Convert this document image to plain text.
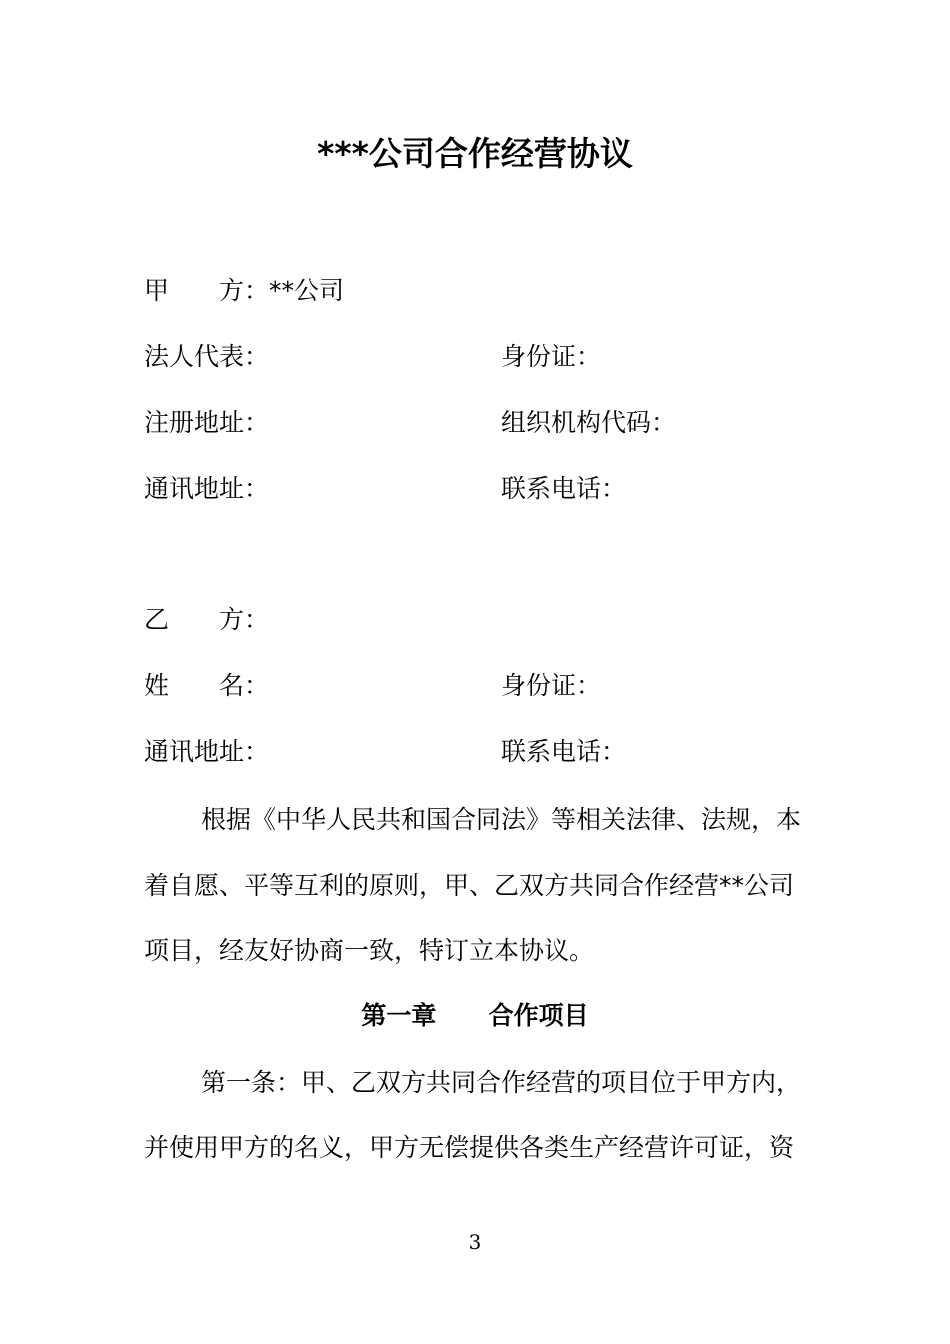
***公司合作经营协议
甲 方：**公司
法人代表：	身份证：
注册地址：	组织机构代码：
通讯地址：	联系电话：
乙 方：
姓 名：	身份证：
通讯地址：	联系电话：
根据《中华人民共和国合同法》等相关法律、法规，本
着自愿、平等互利的原则，甲、乙双方共同合作经营**公司
项目，经友好协商一致，特订立本协议。
第一章      合作项目
第一条：甲、乙双方共同合作经营的项目位于甲方内，
并使用甲方的名义，甲方无偿提供各类生产经营许可证，资
3
